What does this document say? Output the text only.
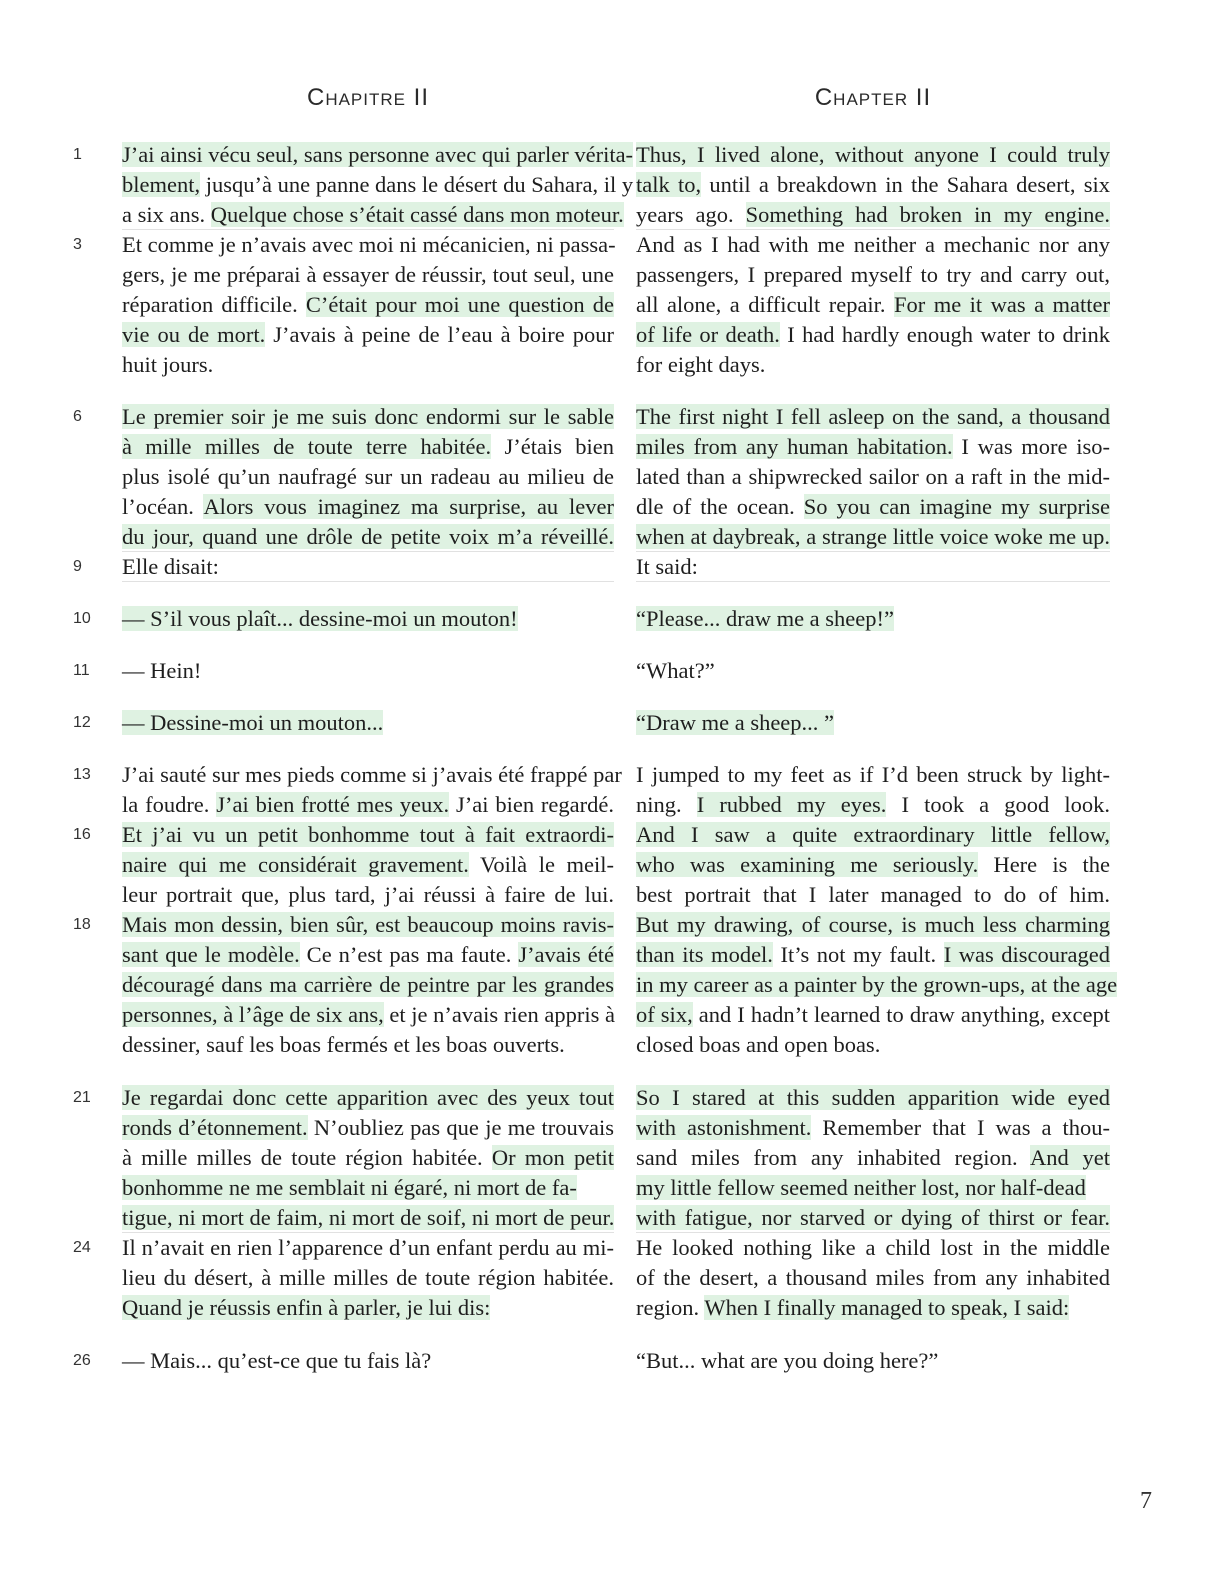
Chapitre II	Chapter II
J’ai ainsi vécu seul, sans personne avec qui parler vérita-
blement, jusqu’à une panne dans le désert du Sahara, il y
a six ans. Quelque chose s’était cassé dans mon moteur.
Et comme je n’avais avec moi ni mécanicien, ni passa-
gers, je me préparai à essayer de réussir, tout seul, une
réparation difficile. C’était pour moi une question de
vie ou de mort. J’avais à peine de l’eau à boire pour
huit jours.
Le premier soir je me suis donc endormi sur le sable
à mille milles de toute terre habitée. J’étais bien
plus isolé qu’un naufragé sur un radeau au milieu de
l’océan. Alors vous imaginez ma surprise, au lever
du jour, quand une drôle de petite voix m’a réveillé.
Elle disait:
— S’il vous plaît... dessine-moi un mouton!
— Hein!
— Dessine-moi un mouton...
J’ai sauté sur mes pieds comme si j’avais été frappé par
la foudre. J’ai bien frotté mes yeux. J’ai bien regardé.
Et j’ai vu un petit bonhomme tout à fait extraordi-
naire qui me considérait gravement. Voilà le meil-
leur portrait que, plus tard, j’ai réussi à faire de lui.
Mais mon dessin, bien sûr, est beaucoup moins ravis-
sant que le modèle. Ce n’est pas ma faute. J’avais été
découragé dans ma carrière de peintre par les grandes
personnes, à l’âge de six ans, et je n’avais rien appris à
dessiner, sauf les boas fermés et les boas ouverts.
Je regardai donc cette apparition avec des yeux tout
ronds d’étonnement. N’oubliez pas que je me trouvais
à mille milles de toute région habitée. Or mon petit
bonhomme ne me semblait ni égaré, ni mort de fa-
tigue, ni mort de faim, ni mort de soif, ni mort de peur.
Il n’avait en rien l’apparence d’un enfant perdu au mi-
lieu du désert, à mille milles de toute région habitée.
Quand je réussis enfin à parler, je lui dis:
— Mais... qu’est-ce que tu fais là?
Thus, I lived alone, without anyone I could truly
talk to, until a breakdown in the Sahara desert, six
years ago. Something had broken in my engine.
And as I had with me neither a mechanic nor any
passengers, I prepared myself to try and carry out,
all alone, a difficult repair. For me it was a matter
of life or death. I had hardly enough water to drink
for eight days.
The first night I fell asleep on the sand, a thousand
miles from any human habitation. I was more iso-
lated than a shipwrecked sailor on a raft in the mid-
dle of the ocean. So you can imagine my surprise
when at daybreak, a strange little voice woke me up.
It said:
“Please... draw me a sheep!”
“What?”
“Draw me a sheep... ”
I jumped to my feet as if I’d been struck by light-
ning. I rubbed my eyes. I took a good look.
And I saw a quite extraordinary little fellow,
who was examining me seriously. Here is the
best portrait that I later managed to do of him.
But my drawing, of course, is much less charming
than its model. It’s not my fault. I was discouraged
in my career as a painter by the grown-ups, at the age
of six, and I hadn’t learned to draw anything, except
closed boas and open boas.
So I stared at this sudden apparition wide eyed
with astonishment. Remember that I was a thou-
sand miles from any inhabited region. And yet
my little fellow seemed neither lost, nor half-dead
with fatigue, nor starved or dying of thirst or fear.
He looked nothing like a child lost in the middle
of the desert, a thousand miles from any inhabited
region. When I finally managed to speak, I said:
“But... what are you doing here?”
1
3
6
9
10
11
12
13
16
18
21
24
26
7
